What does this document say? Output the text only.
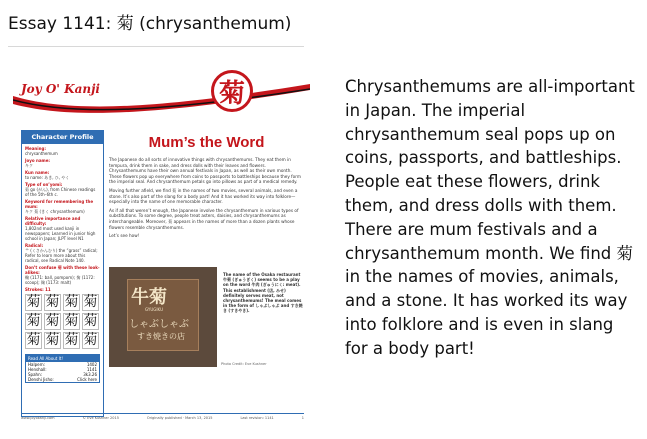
Essay 1141: 菊 (chrysanthemum)
Joy O' Kanji	菊
Character Profile
Meaning:
chrysanthemum
Joyo name:
キク
Kun name:
to name: あき, ひ, やく
Type of on’yomi:
菊 go (がん), from Chinese readings of the 5th–6th c.
Keyword for remembering the mum:
キク 菊 (きく chrysanthemum)
Relative importance and difficulty:
1,802nd most used kanji in newspapers; Learned in junior high school in Japan; JLPT level N1
Radical:
艹 (くさかんむり) the “grass” radical; Refer to learn more about this radical, see Radical Note 140.
Don’t confuse 菊 with these look-alikes:
鞠 (1171: ball, pompom); 掬 (1172: scoop); 麹 (1173: malt)
Strokes: 11
菊 菊 菊 菊
菊 菊 菊 菊
菊 菊 菊 菊
Read All About It!
Halpern:	1402
Henshall:	1141
Spahn:	3k3.26
Denshi Jisho:	Click here
Mum’s the Word

The Japanese do all sorts of innovative things with chrysanthemums. They eat them in tempura, drink them in sake, and dress dolls with their leaves and flowers. Chrysanthemums have their own annual festivals in Japan, as well as their own month. These flowers pop up everywhere from coins to passports to battleships because they form the imperial seal. And chrysanthemum petals go into pillows as part of a medical remedy.

Moving further afield, we find 菊 in the names of two movies, several animals, and even a stone. It’s also part of the slang for a body part! And it has worked its way into folklore—especially into the name of one memorable character.

As if all that weren’t enough, the Japanese involve the chrysanthemum in various types of substitutions. To some degree, people treat asters, daisies, and chrysanthemums as interchangeable. Moreover, 菊 appears in the names of more than a dozen plants whose flowers resemble chrysanthemums.

Let’s see how!

牛菊
GYUGIKU
しゃぶしゃぶ
すき焼きの店
The name of the Osaka restaurant 牛菊 (ぎゅうぎく) seems to be a play on the word 牛肉 (ぎゅうにく: meat). This establishment (店, みせ) definitely serves meat, not chrysanthemums! The meal comes in the form of しゃぶしゃぶ and すき焼き (すきやき).
Photo Credit: Eve Kushner
www.joyokanji.com	© Eve Kushner 2015	Originally published · March 13, 2015	Last revision: 1141	1
Chrysanthemums are all-important in Japan. The imperial chrysanthemum seal pops up on coins, passports, and battleships. People eat these flowers, drink them, and dress dolls with them. There are mum festivals and a chrysanthemum month. We find 菊 in the names of movies, animals, and a stone. It has worked its way into folklore and is even in slang for a body part!
